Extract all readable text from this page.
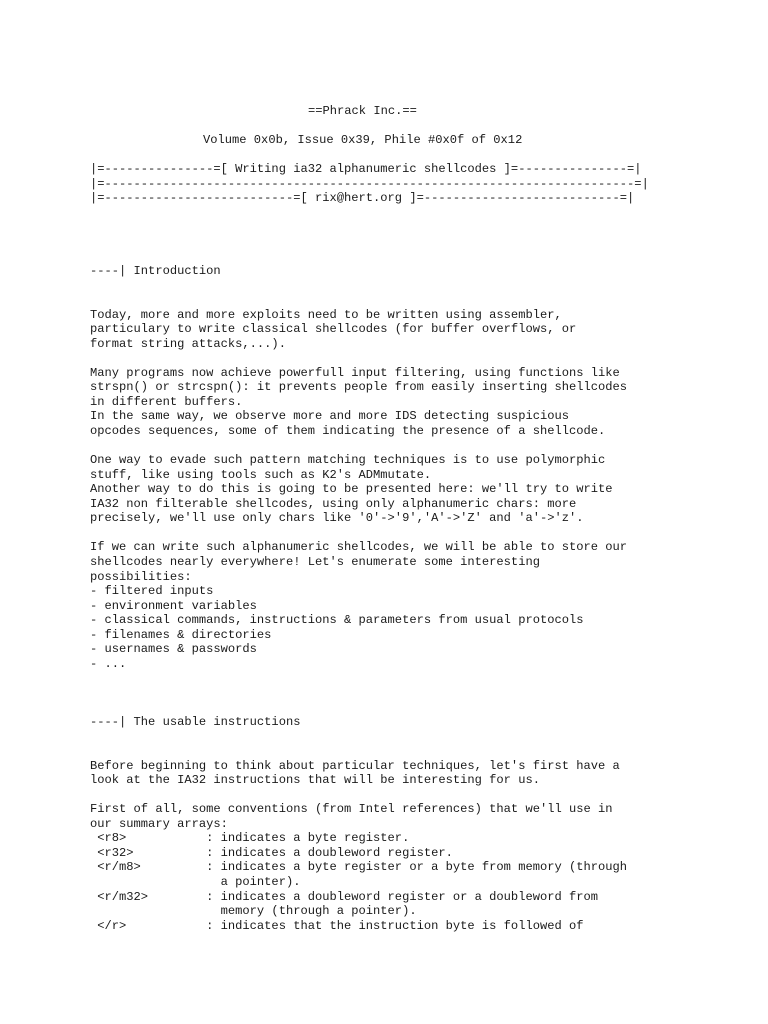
==Phrack Inc.==
Volume 0x0b, Issue 0x39, Phile #0x0f of 0x12
|=---------------=[ Writing ia32 alphanumeric shellcodes ]=---------------=|
|=-------------------------------------------------------------------------=|
|=--------------------------=[ rix@hert.org ]=---------------------------=|
----| Introduction
Today, more and more exploits need to be written using assembler,
particulary to write classical shellcodes (for buffer overflows, or
format string attacks,...).
Many programs now achieve powerfull input filtering, using functions like
strspn() or strcspn(): it prevents people from easily inserting shellcodes
in different buffers.
In the same way, we observe more and more IDS detecting suspicious
opcodes sequences, some of them indicating the presence of a shellcode.
One way to evade such pattern matching techniques is to use polymorphic
stuff, like using tools such as K2's ADMmutate.
Another way to do this is going to be presented here: we'll try to write
IA32 non filterable shellcodes, using only alphanumeric chars: more
precisely, we'll use only chars like '0'->'9','A'->'Z' and 'a'->'z'.
If we can write such alphanumeric shellcodes, we will be able to store our
shellcodes nearly everywhere! Let's enumerate some interesting
possibilities:
- filtered inputs
- environment variables
- classical commands, instructions & parameters from usual protocols
- filenames & directories
- usernames & passwords
- ...
----| The usable instructions
Before beginning to think about particular techniques, let's first have a
look at the IA32 instructions that will be interesting for us.
First of all, some conventions (from Intel references) that we'll use in
our summary arrays:
<r8>           : indicates a byte register.
<r32>          : indicates a doubleword register.
<r/m8>         : indicates a byte register or a byte from memory (through
a pointer).
<r/m32>        : indicates a doubleword register or a doubleword from
memory (through a pointer).
</r>           : indicates that the instruction byte is followed of
